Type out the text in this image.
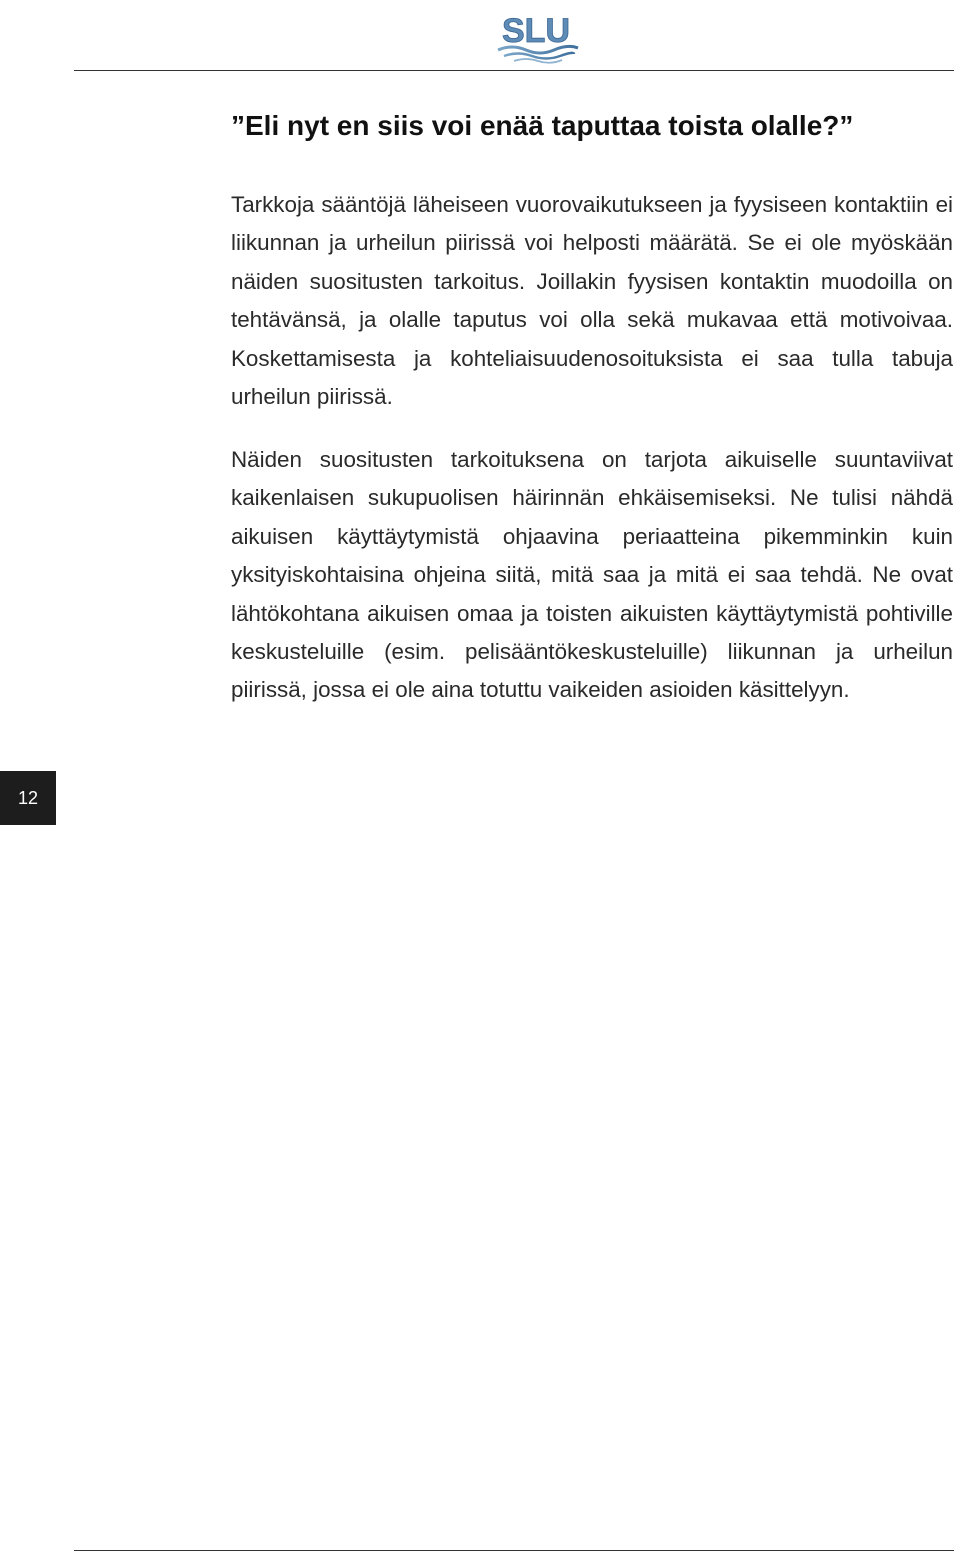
SLU
”Eli nyt en siis voi enää taputtaa toista olalle?”

Tarkkoja sääntöjä läheiseen vuorovaikutukseen ja fyysiseen kontaktiin ei liikunnan ja urheilun piirissä voi helposti määrätä. Se ei ole myöskään näiden suositusten tarkoitus. Joillakin fyysisen kontaktin muodoilla on tehtävänsä, ja olalle taputus voi olla sekä mukavaa että motivoivaa. Koskettamisesta ja kohteliaisuudenosoituksista ei saa tulla tabuja urheilun piirissä.

Näiden suositusten tarkoituksena on tarjota aikuiselle suuntaviivat kaikenlaisen sukupuolisen häirinnän ehkäisemiseksi. Ne tulisi nähdä aikuisen käyttäytymistä ohjaavina periaatteina pikemminkin kuin yksityiskohtaisina ohjeina siitä, mitä saa ja mitä ei saa tehdä. Ne ovat lähtökohtana aikuisen omaa ja toisten aikuisten käyttäytymistä pohtiville keskusteluille (esim. pelisääntökeskusteluille) liikunnan ja urheilun piirissä, jossa ei ole aina totuttu vaikeiden asioiden käsittelyyn.

12
